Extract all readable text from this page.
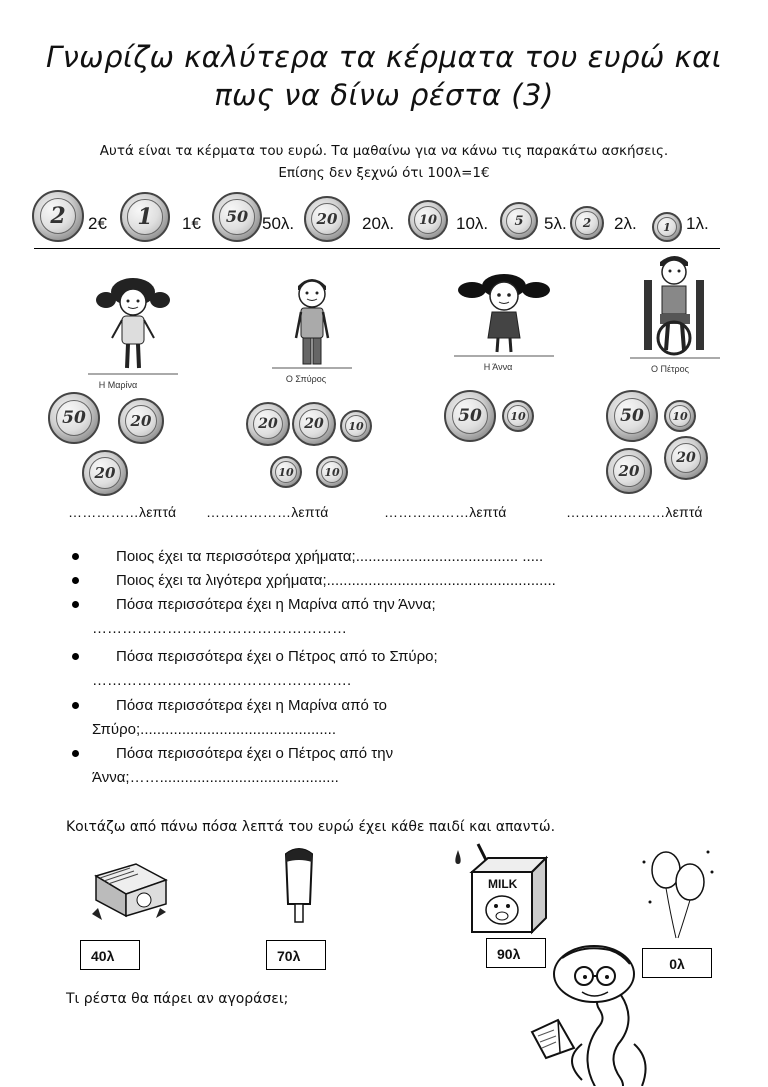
Γνωρίζω καλύτερα τα κέρματα του ευρώ και
πως να δίνω ρέστα (3)
Αυτά είναι τα κέρματα του ευρώ. Τα μαθαίνω για να κάνω τις παρακάτω ασκήσεις.
Επίσης δεν ξεχνώ ότι 100λ=1€
2	2€	1	1€	50 50λ.	20	20λ.	10 10λ.	5	5λ.	2	2λ.	1 1λ.
Η Μαρίνα
Ο Σπύρος
Η Άννα	Ο Πέτρος
50	20
20
20	20	10
10	10
50	10	50	10
20
20
……………λεπτά ………………λεπτά	………………λεπτά	…………………λεπτά
Ποιος έχει τα περισσότερα χρήματα;....................................... .....
Ποιος έχει τα λιγότερα χρήματα;.......................................................
Πόσα περισσότερα έχει η Μαρίνα από την Άννα;
……………………………………………
Πόσα περισσότερα έχει ο Πέτρος από το Σπύρο;
…………………………………………….
Πόσα περισσότερα έχει η Μαρίνα από το
Σπύρο;...............................................
Πόσα περισσότερα έχει ο Πέτρος από την
Άννα;……...........................................
Κοιτάζω από πάνω πόσα λεπτά του ευρώ έχει κάθε παιδί και απαντώ.
40λ	70λ
MILK
90λ
0λ
Τι ρέστα θα πάρει αν αγοράσει;
